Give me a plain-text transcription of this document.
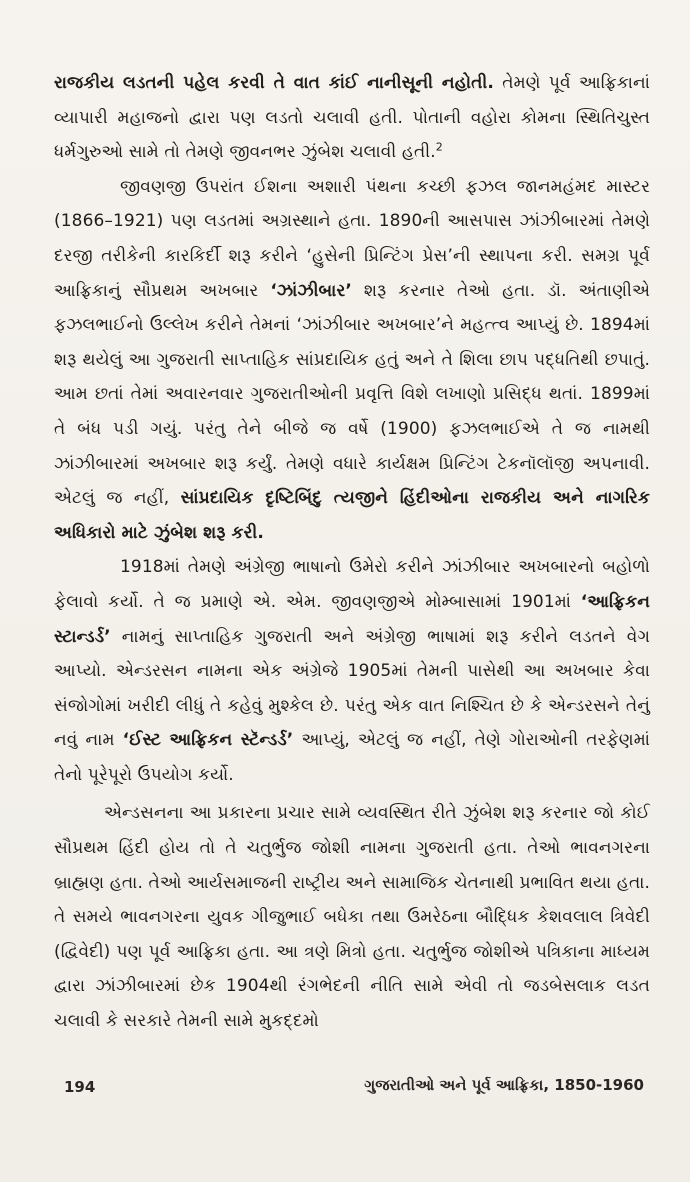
રાજકીય લડતની પહેલ કરવી તે વાત કાંઈ નાનીસૂની નહોતી. તેમણે પૂર્વ આફ્રિકાનાં વ્યાપારી મહાજનો દ્વારા પણ લડતો ચલાવી હતી. પોતાની વહોરા કોમના સ્થિતિચુસ્ત ધર્મગુરુઓ સામે તો તેમણે જીવનભર ઝુંબેશ ચલાવી હતી.$^2$

જીવણજી ઉપરાંત ઈશના અશારી પંથના કચ્છી ફઝલ જાનમહંમદ માસ્ટર (1866–1921) પણ લડતમાં અગ્રસ્થાને હતા. 1890ની આસપાસ ઝાંઝીબારમાં તેમણે દરજી તરીકેની કારકિર્દી શરૂ કરીને ‘હુસેની પ્રિન્ટિંગ પ્રેસ’ની સ્થાપના કરી. સમગ્ર પૂર્વ આફ્રિકાનું સૌપ્રથમ અખબાર ‘ઝાંઝીબાર’ શરૂ કરનાર તેઓ હતા. ડૉ. અંતાણીએ ફઝલભાઈનો ઉલ્લેખ કરીને તેમનાં ‘ઝાંઝીબાર અખબાર’ને મહત્ત્વ આપ્યું છે. 1894માં શરૂ થયેલું આ ગુજરાતી સાપ્તાહિક સાંપ્રદાયિક હતું અને તે શિલા છાપ પદ્ધતિથી છપાતું. આમ છતાં તેમાં અવારનવાર ગુજરાતીઓની પ્રવૃત્તિ વિશે લખાણો પ્રસિદ્ધ થતાં. 1899માં તે બંધ પડી ગયું. પરંતુ તેને બીજે જ વર્ષે (1900) ફઝલભાઈએ તે જ નામથી ઝાંઝીબારમાં અખબાર શરૂ કર્યું. તેમણે વધારે કાર્યક્ષમ પ્રિન્ટિંગ ટેકનૉલૉજી અપનાવી. એટલું જ નહીં, સાંપ્રદાયિક દૃષ્ટિબિંદુ ત્યજીને હિંદીઓના રાજકીય અને નાગરિક અધિકારો માટે ઝુંબેશ શરૂ કરી.

1918માં તેમણે અંગ્રેજી ભાષાનો ઉમેરો કરીને ઝાંઝીબાર અખબારનો બહોળો ફેલાવો કર્યો. તે જ પ્રમાણે એ. એમ. જીવણજીએ મોમ્બાસામાં 1901માં ‘આફ્રિકન સ્ટાન્ડર્ડ’ નામનું સાપ્તાહિક ગુજરાતી અને અંગ્રેજી ભાષામાં શરૂ કરીને લડતને વેગ આપ્યો. એન્ડરસન નામના એક અંગ્રેજે 1905માં તેમની પાસેથી આ અખબાર કેવા સંજોગોમાં ખરીદી લીધું તે કહેવું મુશ્કેલ છે. પરંતુ એક વાત નિશ્ચિત છે કે એન્ડરસને તેનું નવું નામ ‘ઈસ્ટ આફ્રિકન સ્ટૅન્ડર્ડ’ આપ્યું, એટલું જ નહીં, તેણે ગોરાઓની તરફેણમાં તેનો પૂરેપૂરો ઉપયોગ કર્યો.

એન્ડસનના આ પ્રકારના પ્રચાર સામે વ્યવસ્થિત રીતે ઝુંબેશ શરૂ કરનાર જો કોઈ સૌપ્રથમ હિંદી હોય તો તે ચતુર્ભુજ જોશી નામના ગુજરાતી હતા. તેઓ ભાવનગરના બ્રાહ્મણ હતા. તેઓ આર્યસમાજની રાષ્ટ્રીય અને સામાજિક ચેતનાથી પ્રભાવિત થયા હતા. તે સમયે ભાવનગરના યુવક ગીજુભાઈ બધેકા તથા ઉમરેઠના બૌદ્ધિક કેશવલાલ ત્રિવેદી (દ્વિવેદી) પણ પૂર્વ આફ્રિકા હતા. આ ત્રણે મિત્રો હતા. ચતુર્ભુજ જોશીએ પત્રિકાના માધ્યમ દ્વારા ઝાંઝીબારમાં છેક 1904થી રંગભેદની નીતિ સામે એવી તો જડબેસલાક લડત ચલાવી કે સરકારે તેમની સામે મુકદ્દમો

194	ગુજરાતીઓ અને પૂર્વ આફ્રિકા, 1850-1960
